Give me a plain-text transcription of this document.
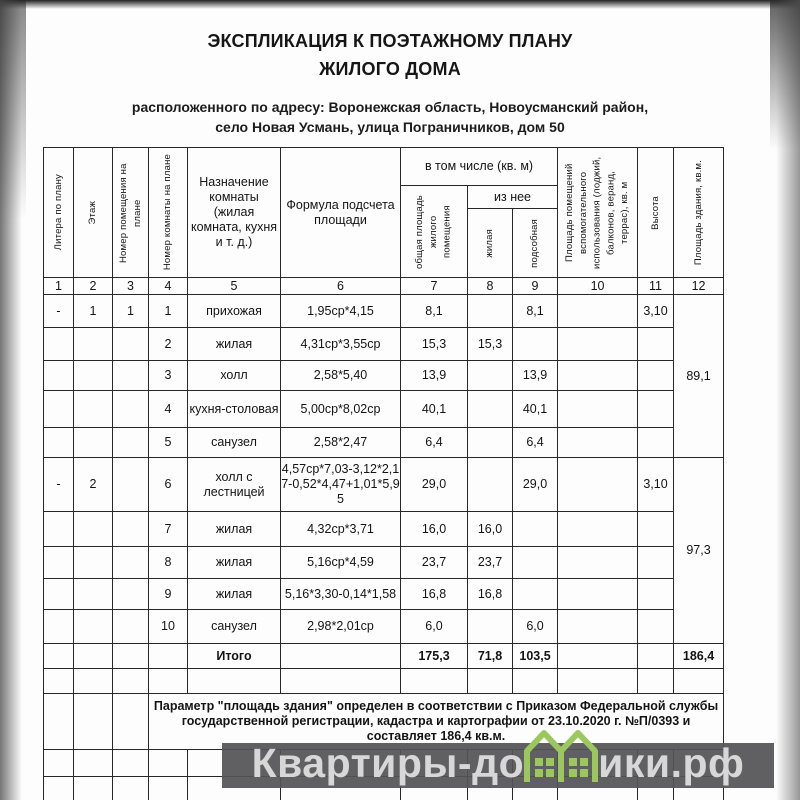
ЭКСПЛИКАЦИЯ К ПОЭТАЖНОМУ ПЛАНУ
ЖИЛОГО ДОМА
расположенного по адресу: Воронежская область, Новоусманский район,
село Новая Усмань, улица Пограничников, дом 50
Литера по плану	Этаж	Номер помещения на плане	Номер комнаты на плане	Назначение комнаты (жилая комната, кухня и т. д.)	Формула подсчета площади	в том числе (кв. м)			Площадь помещений вспомогательного использования (лоджий, балконов, веранд, террас), кв. м	Высота	Площадь здания, кв.м.

						общая площадь жилого помещения	из нее				

							жилая	подсобная			

1	2	3	4	5	6	7	8	9	10	11	12
-	1	1	1	прихожая	1,95ср*4,15	8,1		8,1		3,10	89,1
			2	жилая	4,31ср*3,55ср	15,3	15,3				
			3	холл	2,58*5,40	13,9		13,9			
			4	кухня-столовая	5,00ср*8,02ср	40,1		40,1			
			5	санузел	2,58*2,47	6,4		6,4			
-	2		6	холл с лестницей	4,57ср*7,03-3,12*2,17-0,52*4,47+1,01*5,95	29,0		29,0		3,10	97,3
			7	жилая	4,32ср*3,71	16,0	16,0				
			8	жилая	5,16ср*4,59	23,7	23,7				
			9	жилая	5,16*3,30-0,14*1,58	16,8	16,8				
			10	санузел	2,98*2,01ср	6,0		6,0			
				Итого		175,3	71,8	103,5			186,4

			Параметр "площадь здания" определен в соответствии с Приказом Федеральной службы государственной регистрации, кадастра и картографии от 23.10.2020 г. №П/0393 и составляет 186,4 кв.м.								

Квартиры-до ики.рф
